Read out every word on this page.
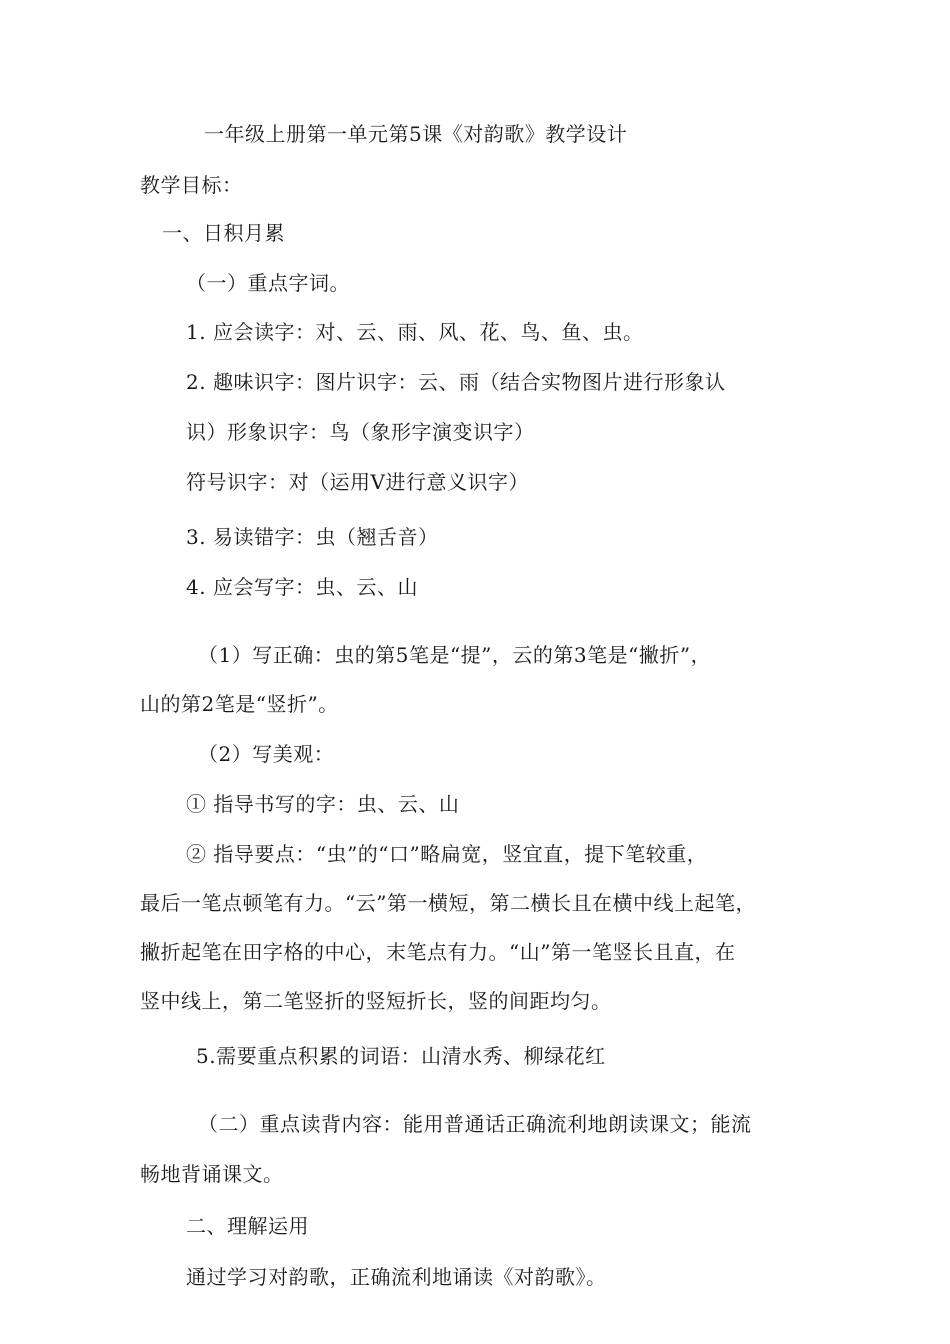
一年级上册第一单元第5课《对韵歌》教学设计
教学目标：
一、日积月累
（一）重点字词。
1. 应会读字：对、云、雨、风、花、鸟、鱼、虫。
2. 趣味识字：图片识字：云、雨（结合实物图片进行形象认
识）形象识字：鸟（象形字演变识字）
符号识字：对（运用Ⅴ进行意义识字）
3. 易读错字：虫（翘舌音）
4. 应会写字：虫、云、山
（1）写正确：虫的第5笔是“提”，云的第3笔是“撇折”，
山的第2笔是“竖折”。
（2）写美观：
① 指导书写的字：虫、云、山
② 指导要点：“虫”的“口”略扁宽，竖宜直，提下笔较重，
最后一笔点顿笔有力。“云”第一横短，第二横长且在横中线上起笔，
撇折起笔在田字格的中心，末笔点有力。“山”第一笔竖长且直，在
竖中线上，第二笔竖折的竖短折长，竖的间距均匀。
5.需要重点积累的词语：山清水秀、柳绿花红
（二）重点读背内容：能用普通话正确流利地朗读课文；能流
畅地背诵课文。
二、理解运用
通过学习对韵歌，正确流利地诵读《对韵歌》。
